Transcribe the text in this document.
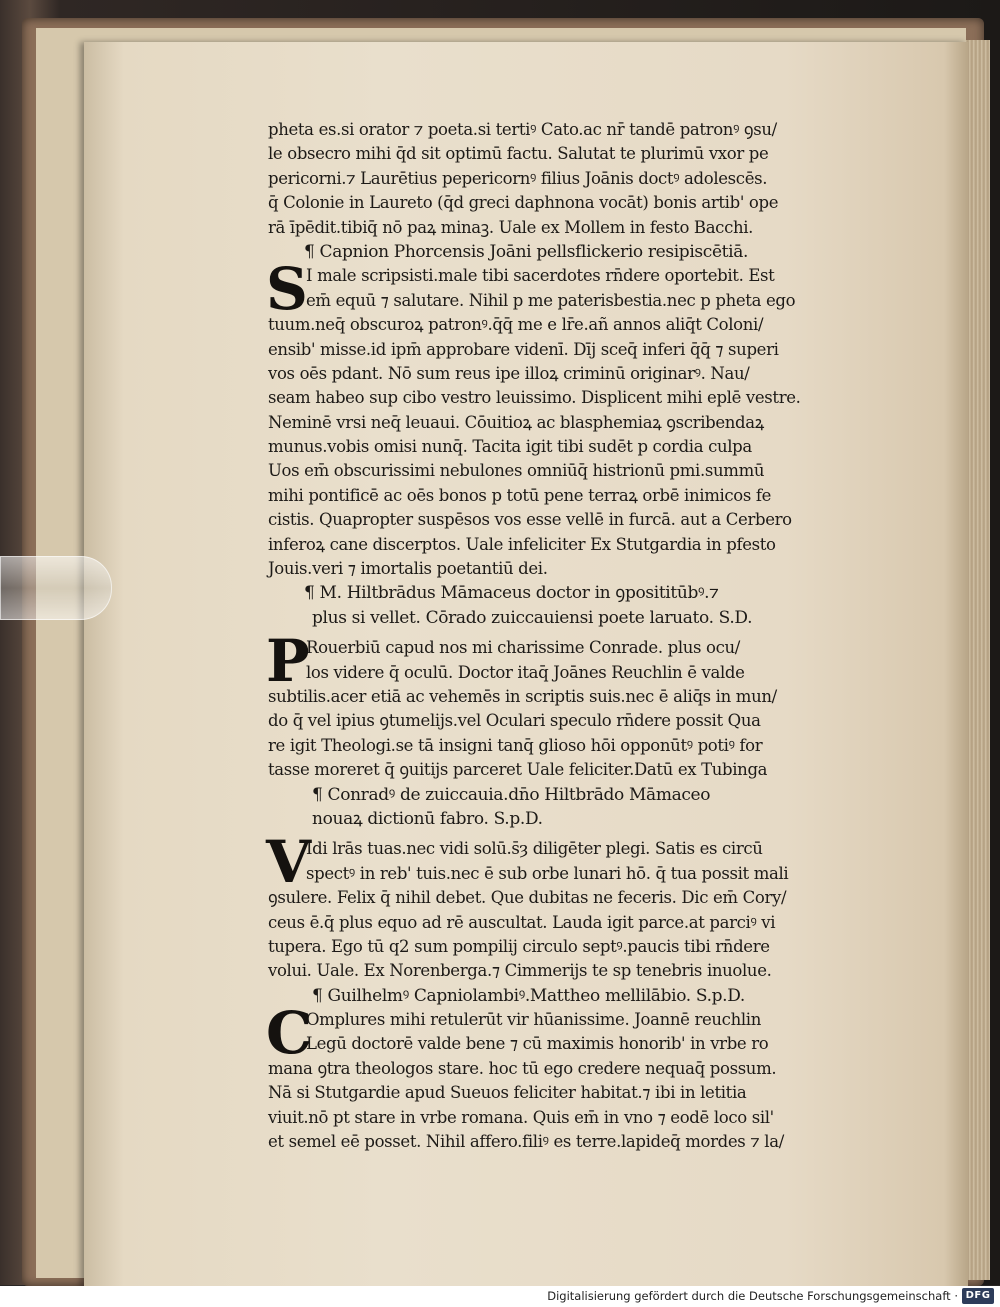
pheta es.si orator ⁊ poeta.si tertiꝰ Cato.ac nr̄ tandē patronꝰ ꝯsu/
le obsecro mihi q̄d sit optimū factu. Salutat te plurimū vxor pe
pericorni.⁊ Laurētius pepericornꝰ filius Joānis doctꝰ adolescēs.
q̄ Colonie in Laureto (q̄d greci daphnona vocāt) bonis artib' ope
rā īpēdit.tibiq̄ nō paꝝ minaꝫ. Uale ex Mollem in festo Bacchi.
¶ Capnion Phorcensis Joāni pellsflickerio resipiscētiā.
S
I male scripsisti.male tibi sacerdotes rn̄dere oportebit. Est
em̄ equū ⁊ salutare. Nihil p me paterisbestia.nec p pheta ego
tuum.neq̄ obscuroꝝ patronꝰ.q̄q̄ me e lr̄e.añ annos aliq̄t Coloni/
ensib' misse.id ipm̄ approbare videnī. Dīj sceq̄ inferi q̄q̄ ⁊ superi
vos oēs pdant. Nō sum reus ipe illoꝝ criminū originarꝰ. Nau/
seam habeo sup cibo vestro leuissimo. Displicent mihi eplē vestre.
Neminē vrsi neq̄ leuaui. Cōuitioꝝ ac blasphemiaꝝ ꝯscribendaꝝ
munus.vobis omisi nunq̄. Tacita igit tibi sudēt p cordia culpa
Uos em̄ obscurissimi nebulones omniūq̄ histrionū pmi.summū
mihi pontificē ac oēs bonos p totū pene terraꝝ orbē inimicos fe
cistis. Quapropter suspēsos vos esse vellē in furcā. aut a Cerbero
inferoꝝ cane discerptos. Uale infeliciter Ex Stutgardia in pfesto
Jouis.veri ⁊ imortalis poetantiū dei.
¶ M. Hiltbrādus Māmaceus doctor in ꝯposititūbꝰ.⁊
plus si vellet. Cōrado zuiccauiensi poete laruato. S.D.
P
Rouerbiū capud nos mi charissime Conrade. plus ocu/
los videre q̄ oculū. Doctor itaq̄ Joānes Reuchlin ē valde
subtilis.acer etiā ac vehemēs in scriptis suis.nec ē aliq̄s in mun/
do q̄ vel ipius ꝯtumelijs.vel Oculari speculo rn̄dere possit Qua
re igit Theologi.se tā insigni tanq̄ glioso hōi opponūtꝰ potiꝰ for
tasse moreret q̄ ꝯuitijs parceret Uale feliciter.Datū ex Tubinga
¶ Conradꝰ de zuiccauia.dn̄o Hiltbrādo Māmaceo
nouaꝝ dictionū fabro. S.p.D.
V
Idi lrās tuas.nec vidi solū.s̄ȝ diligēter plegi. Satis es circū
spectꝰ in reb' tuis.nec ē sub orbe lunari hō. q̄ tua possit mali
ꝯsulere. Felix q̄ nihil debet. Que dubitas ne feceris. Dic em̄ Cory/
ceus ē.q̄ plus equo ad rē auscultat. Lauda igit parce.at parciꝰ vi
tupera. Ego tū q2 sum pompilij circulo septꝰ.paucis tibi rn̄dere
volui. Uale. Ex Norenberga.⁊ Cimmerijs te sp tenebris inuolue.
¶ Guilhelmꝰ Capniolambiꝰ.Mattheo mellilābio. S.p.D.
C
Omplures mihi retulerūt vir hūanissime. Joannē reuchlin
Legū doctorē valde bene ⁊ cū maximis honorib' in vrbe ro
mana ꝯtra theologos stare. hoc tū ego credere nequaq̄ possum.
Nā si Stutgardie apud Sueuos feliciter habitat.⁊ ibi in letitia
viuit.nō pt stare in vrbe romana. Quis em̄ in vno ⁊ eodē loco sil'
et semel eē posset. Nihil affero.filiꝰ es terre.lapideq̄ mordes ⁊ la/
Digitalisierung gefördert durch die Deutsche Forschungsgemeinschaft · DFG
